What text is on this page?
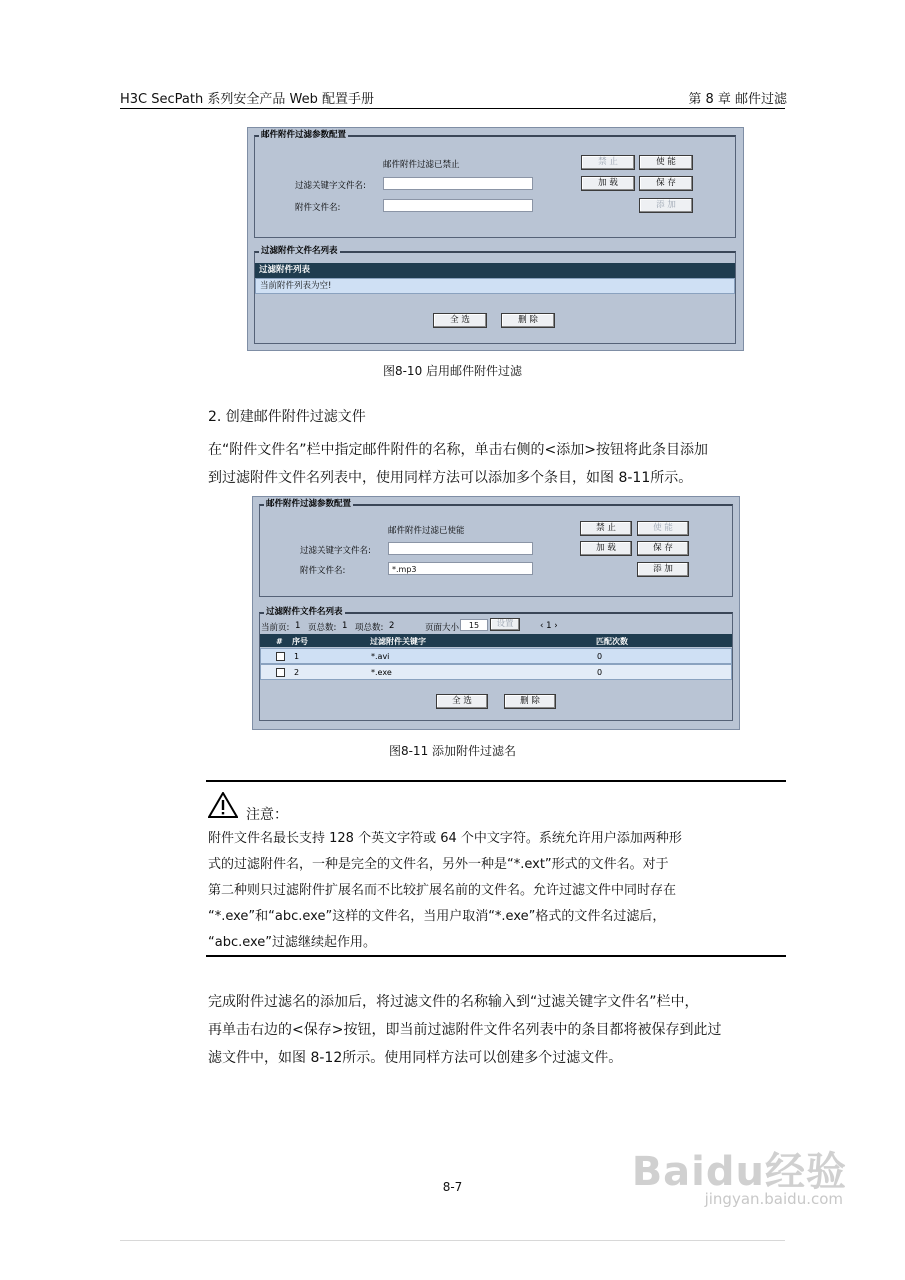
H3C SecPath 系列安全产品 Web 配置手册	第 8 章 邮件过滤
邮件附件过滤参数配置
邮件附件过滤已禁止
过滤关键字文件名:
附件文件名:
禁 止	使 能
加 载	保 存
添 加
过滤附件文件名列表
过滤附件列表
当前附件列表为空!
全 选	删 除
图8-10 启用邮件附件过滤
2. 创建邮件附件过滤文件
在“附件文件名”栏中指定邮件附件的名称，单击右侧的<添加>按钮将此条目添加
到过滤附件文件名列表中，使用同样方法可以添加多个条目，如图 8-11所示。
邮件附件过滤参数配置
邮件附件过滤已使能
过滤关键字文件名:
附件文件名:	*.mp3
禁 止	使 能
加 载	保 存
添 加
过滤附件文件名列表
当前页: 1 页总数: 1 项总数: 2	页面大小	15	设置	‹ 1 ›
# 序号	过滤附件关键字	匹配次数
1	*.avi	0
2	*.exe	0
全 选	删 除
图8-11 添加附件过滤名
注意：
附件文件名最长支持 128 个英文字符或 64 个中文字符。系统允许用户添加两种形
式的过滤附件名，一种是完全的文件名，另外一种是“*.ext”形式的文件名。对于
第二种则只过滤附件扩展名而不比较扩展名前的文件名。允许过滤文件中同时存在
“*.exe”和“abc.exe”这样的文件名，当用户取消“*.exe”格式的文件名过滤后，
“abc.exe”过滤继续起作用。
完成附件过滤名的添加后，将过滤文件的名称输入到“过滤关键字文件名”栏中，
再单击右边的<保存>按钮，即当前过滤附件文件名列表中的条目都将被保存到此过
滤文件中，如图 8-12所示。使用同样方法可以创建多个过滤文件。
8-7	Baidu经验
jingyan.baidu.com
